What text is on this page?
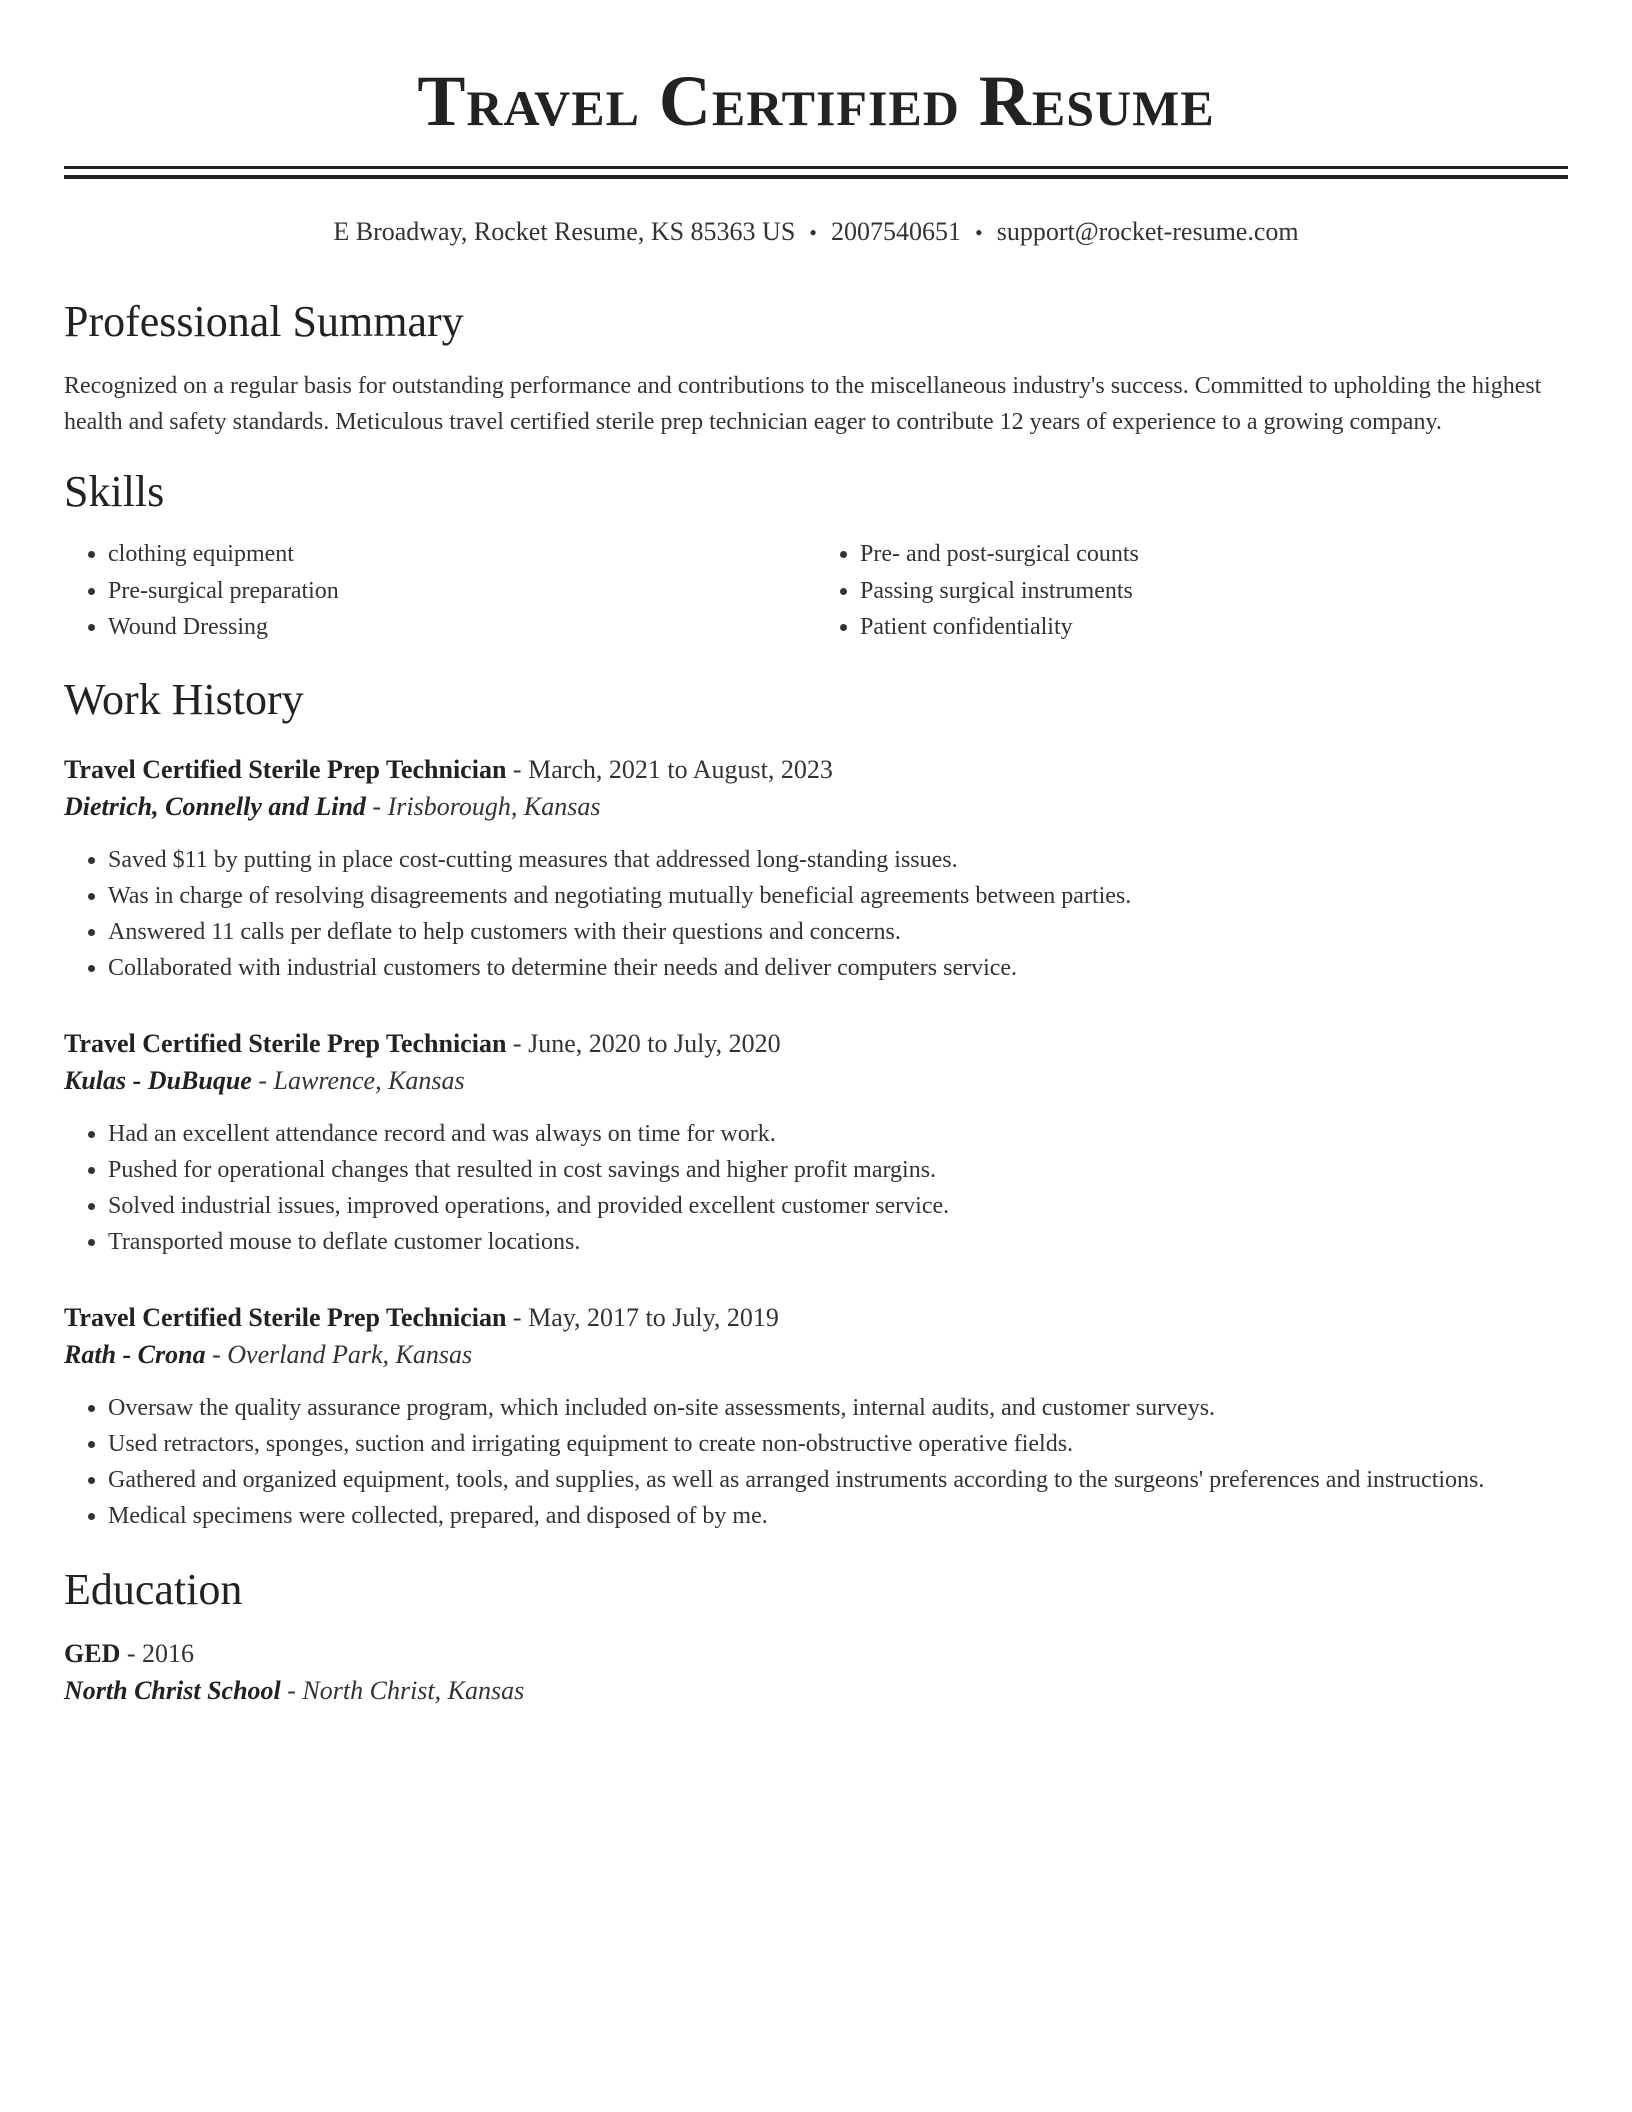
Travel Certified Resume
E Broadway, Rocket Resume, KS 85363 US • 2007540651 • support@rocket-resume.com
Professional Summary

Recognized on a regular basis for outstanding performance and contributions to the miscellaneous industry's success. Committed to upholding the highest health and safety standards. Meticulous travel certified sterile prep technician eager to contribute 12 years of experience to a growing company.

Skills
• clothing equipment
• Pre-surgical preparation
• Wound Dressing
• Pre- and post-surgical counts
• Passing surgical instruments
• Patient confidentiality
Work History
Travel Certified Sterile Prep Technician - March, 2021 to August, 2023
Dietrich, Connelly and Lind - Irisborough, Kansas
• Saved $11 by putting in place cost-cutting measures that addressed long-standing issues.
• Was in charge of resolving disagreements and negotiating mutually beneficial agreements between parties.
• Answered 11 calls per deflate to help customers with their questions and concerns.
• Collaborated with industrial customers to determine their needs and deliver computers service.
Travel Certified Sterile Prep Technician - June, 2020 to July, 2020
Kulas - DuBuque - Lawrence, Kansas
• Had an excellent attendance record and was always on time for work.
• Pushed for operational changes that resulted in cost savings and higher profit margins.
• Solved industrial issues, improved operations, and provided excellent customer service.
• Transported mouse to deflate customer locations.
Travel Certified Sterile Prep Technician - May, 2017 to July, 2019
Rath - Crona - Overland Park, Kansas
• Oversaw the quality assurance program, which included on-site assessments, internal audits, and customer surveys.
• Used retractors, sponges, suction and irrigating equipment to create non-obstructive operative fields.
• Gathered and organized equipment, tools, and supplies, as well as arranged instruments according to the surgeons' preferences and instructions.
• Medical specimens were collected, prepared, and disposed of by me.
Education
GED - 2016
North Christ School - North Christ, Kansas
